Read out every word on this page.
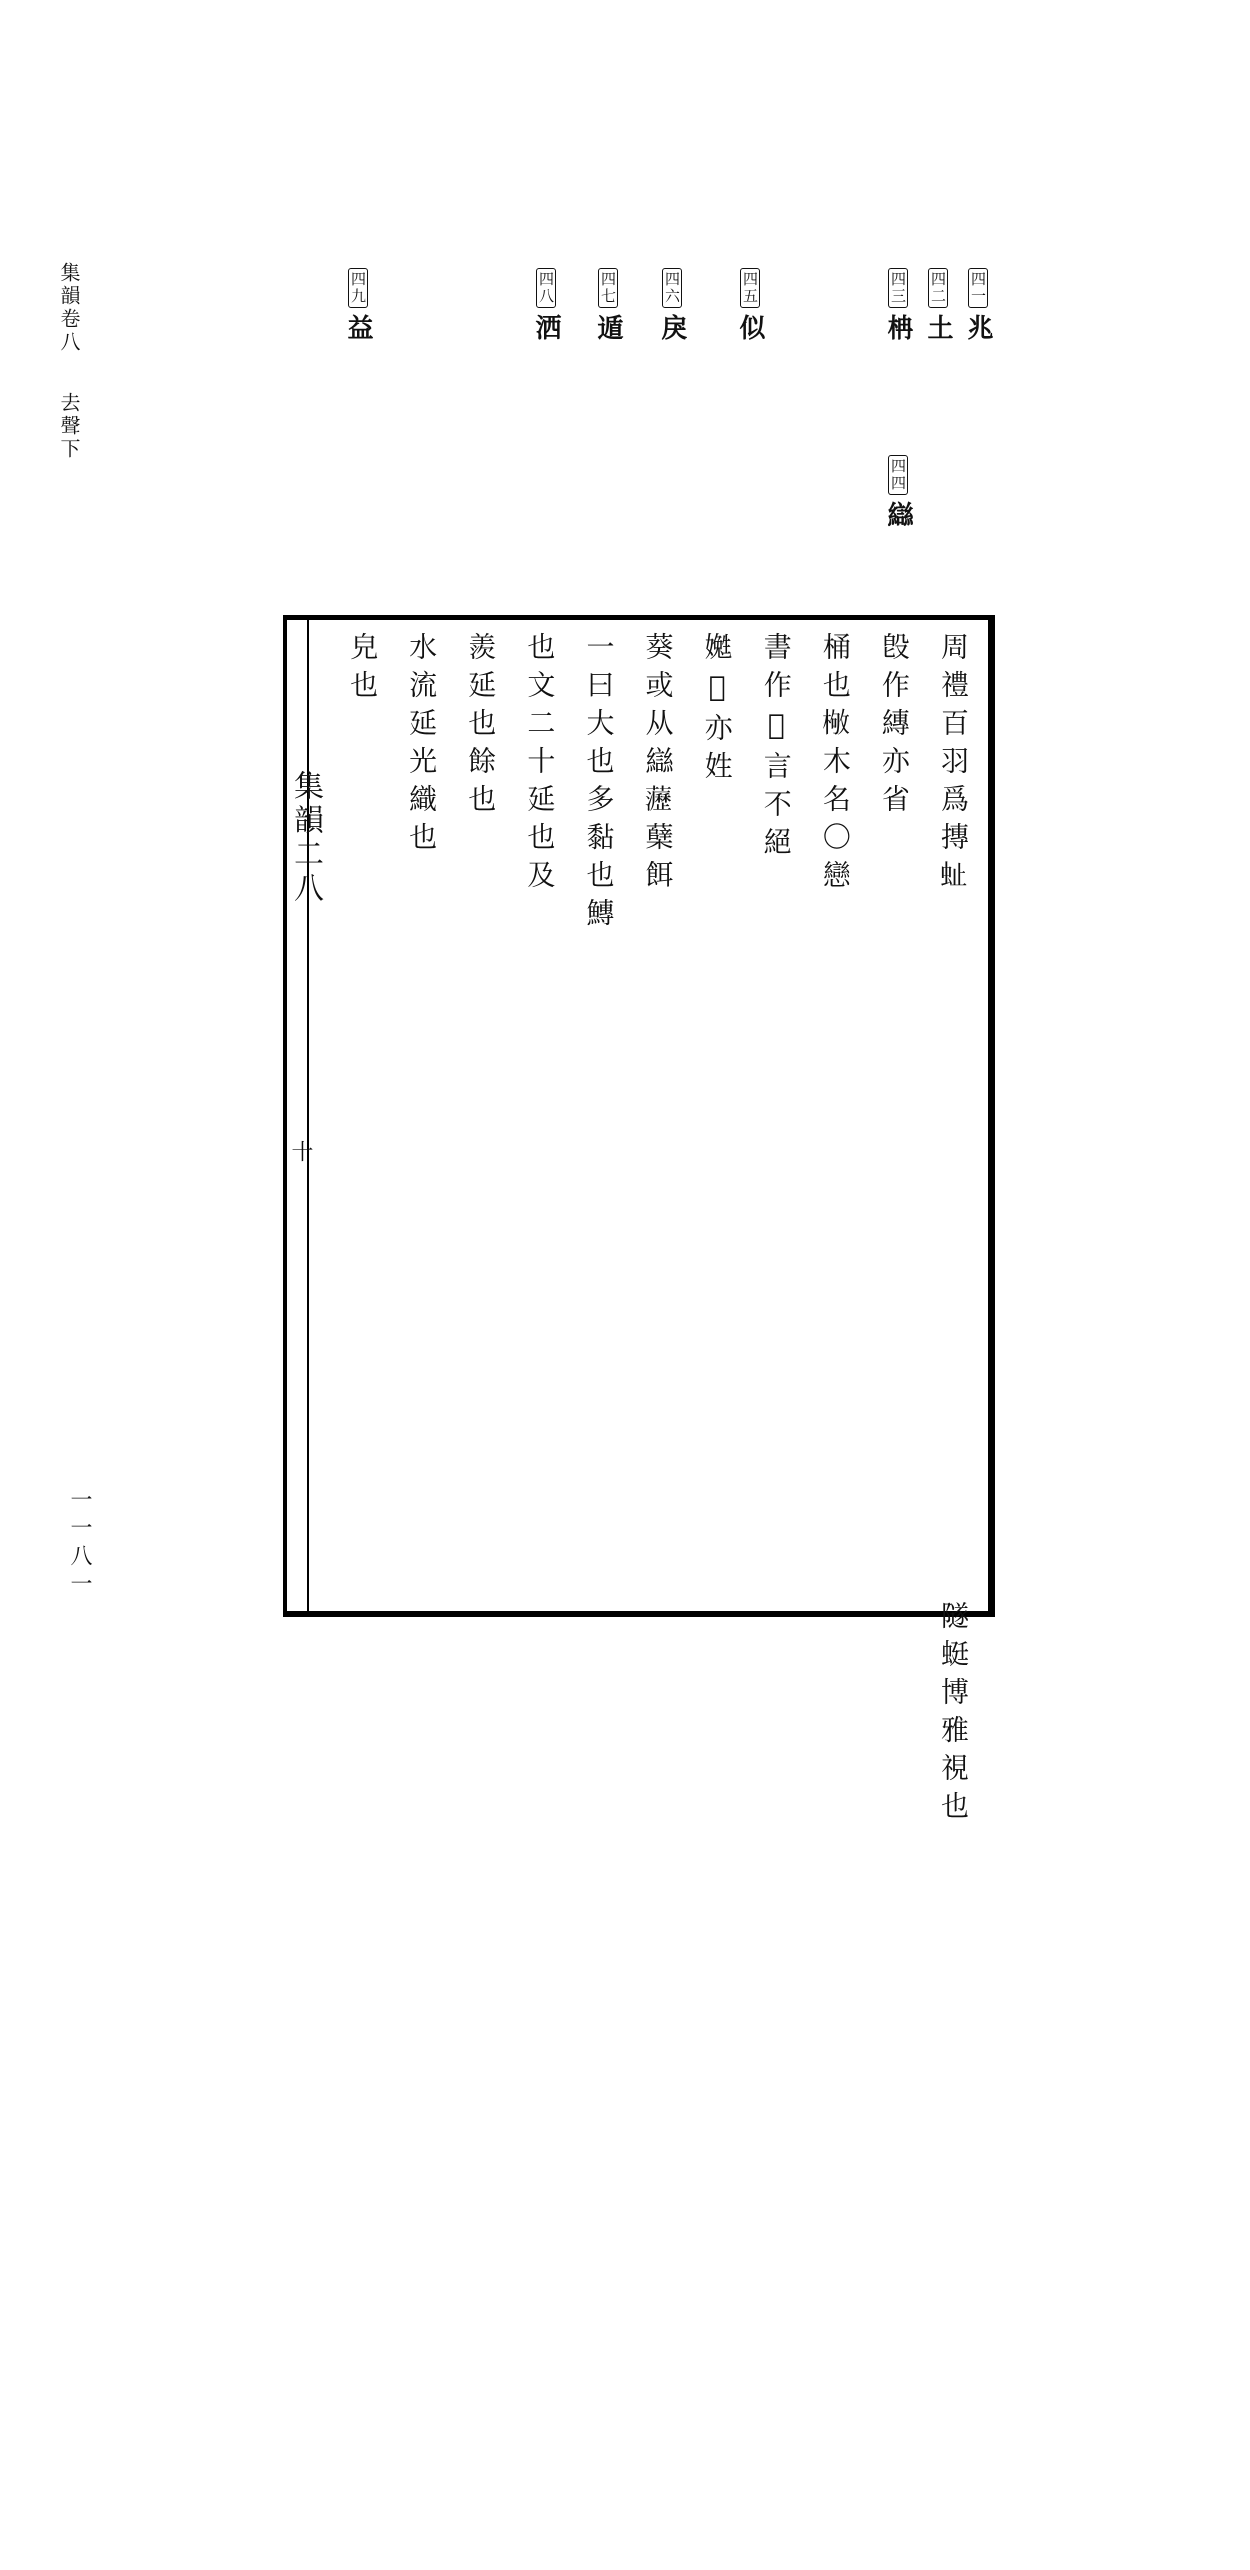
集韻卷八
去聲下
一一八一
四一兆
四二土
四三柟
四四䜌
四五似
四六戾
四七遁
四八洒
四九益
集韻二八
十
周禮百羽爲摶𧉀 𣪘作縳亦省 桶也𣕌木名〇戀 書作𦆤言不絕 嬔𥪡亦姓 葵或从䜌𧄻蘖餌 一曰大也多黏也鱄 也文二十延也及 羨延也餘也 水流延光織也 皃也 隧蜓博雅視也
